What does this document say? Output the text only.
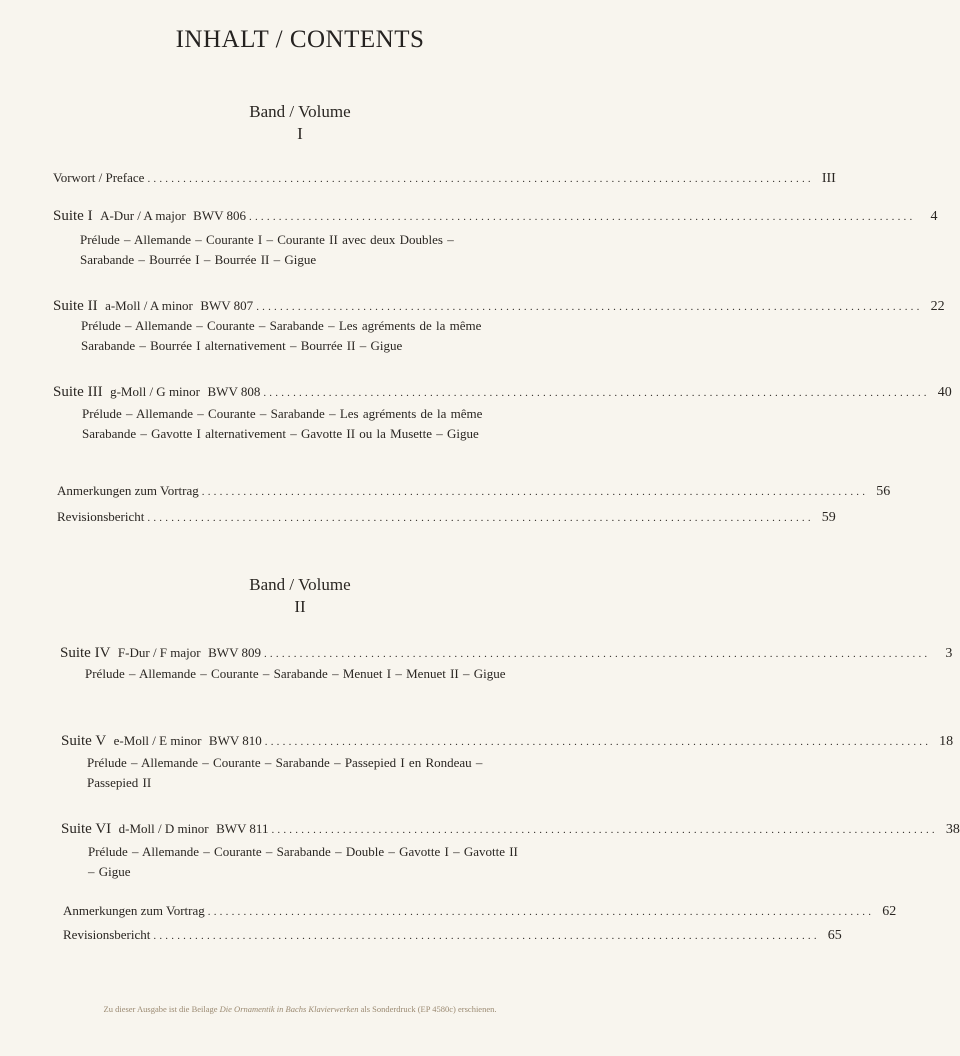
INHALT / CONTENTS
Band / Volume
I
Vorwort / Preface ................................................................................................................ III
Suite I A-Dur / A major BWV 806 ................................................................................................................	4
Prélude – Allemande – Courante I – Courante II avec deux Doubles – Sarabande – Bourrée I – Bourrée II – Gigue
Suite II a-Moll / A minor BWV 807 ................................................................................................................ 22
Prélude – Allemande – Courante – Sarabande – Les agréments de la même Sarabande – Bourrée I alternativement – Bourrée II – Gigue
Suite III g-Moll / G minor BWV 808 ................................................................................................................ 40
Prélude – Allemande – Courante – Sarabande – Les agréments de la même Sarabande – Gavotte I alternativement – Gavotte II ou la Musette – Gigue
Anmerkungen zum Vortrag ................................................................................................................ 56
Revisionsbericht ................................................................................................................ 59
Band / Volume
II
Suite IV F-Dur / F major BWV 809 ................................................................................................................	3
Prélude – Allemande – Courante – Sarabande – Menuet I – Menuet II – Gigue
Suite V e-Moll / E minor BWV 810 ................................................................................................................ 18
Prélude – Allemande – Courante – Sarabande – Passepied I en Rondeau – Passepied II
Suite VI d-Moll / D minor BWV 811 ................................................................................................................ 38
Prélude – Allemande – Courante – Sarabande – Double – Gavotte I – Gavotte II – Gigue
Anmerkungen zum Vortrag ................................................................................................................ 62
Revisionsbericht ................................................................................................................ 65
Zu dieser Ausgabe ist die Beilage Die Ornamentik in Bachs Klavierwerken als Sonderdruck (EP 4580c) erschienen.
